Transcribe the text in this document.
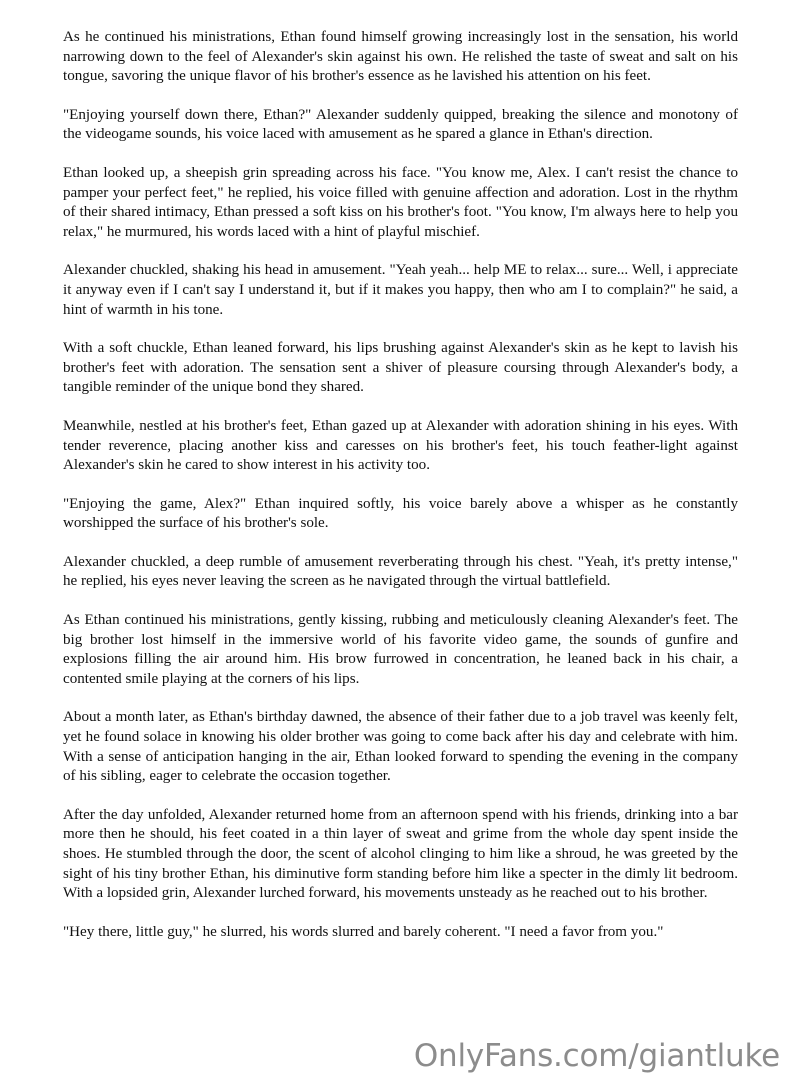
As he continued his ministrations, Ethan found himself growing increasingly lost in the sensation, his world narrowing down to the feel of Alexander's skin against his own. He relished the taste of sweat and salt on his tongue, savoring the unique flavor of his brother's essence as he lavished his attention on his feet.

"Enjoying yourself down there, Ethan?" Alexander suddenly quipped, breaking the silence and monotony of the videogame sounds, his voice laced with amusement as he spared a glance in Ethan's direction.

Ethan looked up, a sheepish grin spreading across his face. "You know me, Alex. I can't resist the chance to pamper your perfect feet," he replied, his voice filled with genuine affection and adoration. Lost in the rhythm of their shared intimacy, Ethan pressed a soft kiss on his brother's foot. "You know, I'm always here to help you relax," he murmured, his words laced with a hint of playful mischief.

Alexander chuckled, shaking his head in amusement. "Yeah yeah... help ME to relax... sure... Well, i appreciate it anyway even if I can't say I understand it, but if it makes you happy, then who am I to complain?" he said, a hint of warmth in his tone.

With a soft chuckle, Ethan leaned forward, his lips brushing against Alexander's skin as he kept to lavish his brother's feet with adoration. The sensation sent a shiver of pleasure coursing through Alexander's body, a tangible reminder of the unique bond they shared.

Meanwhile, nestled at his brother's feet, Ethan gazed up at Alexander with adoration shining in his eyes. With tender reverence, placing another kiss and caresses on his brother's feet, his touch feather-light against Alexander's skin he cared to show interest in his activity too.

"Enjoying the game, Alex?" Ethan inquired softly, his voice barely above a whisper as he constantly worshipped the surface of his brother's sole.

Alexander chuckled, a deep rumble of amusement reverberating through his chest. "Yeah, it's pretty intense," he replied, his eyes never leaving the screen as he navigated through the virtual battlefield.

As Ethan continued his ministrations, gently kissing, rubbing and meticulously cleaning Alexander's feet. The big brother lost himself in the immersive world of his favorite video game, the sounds of gunfire and explosions filling the air around him. His brow furrowed in concentration, he leaned back in his chair, a contented smile playing at the corners of his lips.

About a month later, as Ethan's birthday dawned, the absence of their father due to a job travel was keenly felt, yet he found solace in knowing his older brother was going to come back after his day and celebrate with him. With a sense of anticipation hanging in the air, Ethan looked forward to spending the evening in the company of his sibling, eager to celebrate the occasion together.

After the day unfolded, Alexander returned home from an afternoon spend with his friends, drinking into a bar more then he should, his feet coated in a thin layer of sweat and grime from the whole day spent inside the shoes. He stumbled through the door, the scent of alcohol clinging to him like a shroud, he was greeted by the sight of his tiny brother Ethan, his diminutive form standing before him like a specter in the dimly lit bedroom. With a lopsided grin, Alexander lurched forward, his movements unsteady as he reached out to his brother.

"Hey there, little guy," he slurred, his words slurred and barely coherent. "I need a favor from you."

OnlyFans.com/giantluke
